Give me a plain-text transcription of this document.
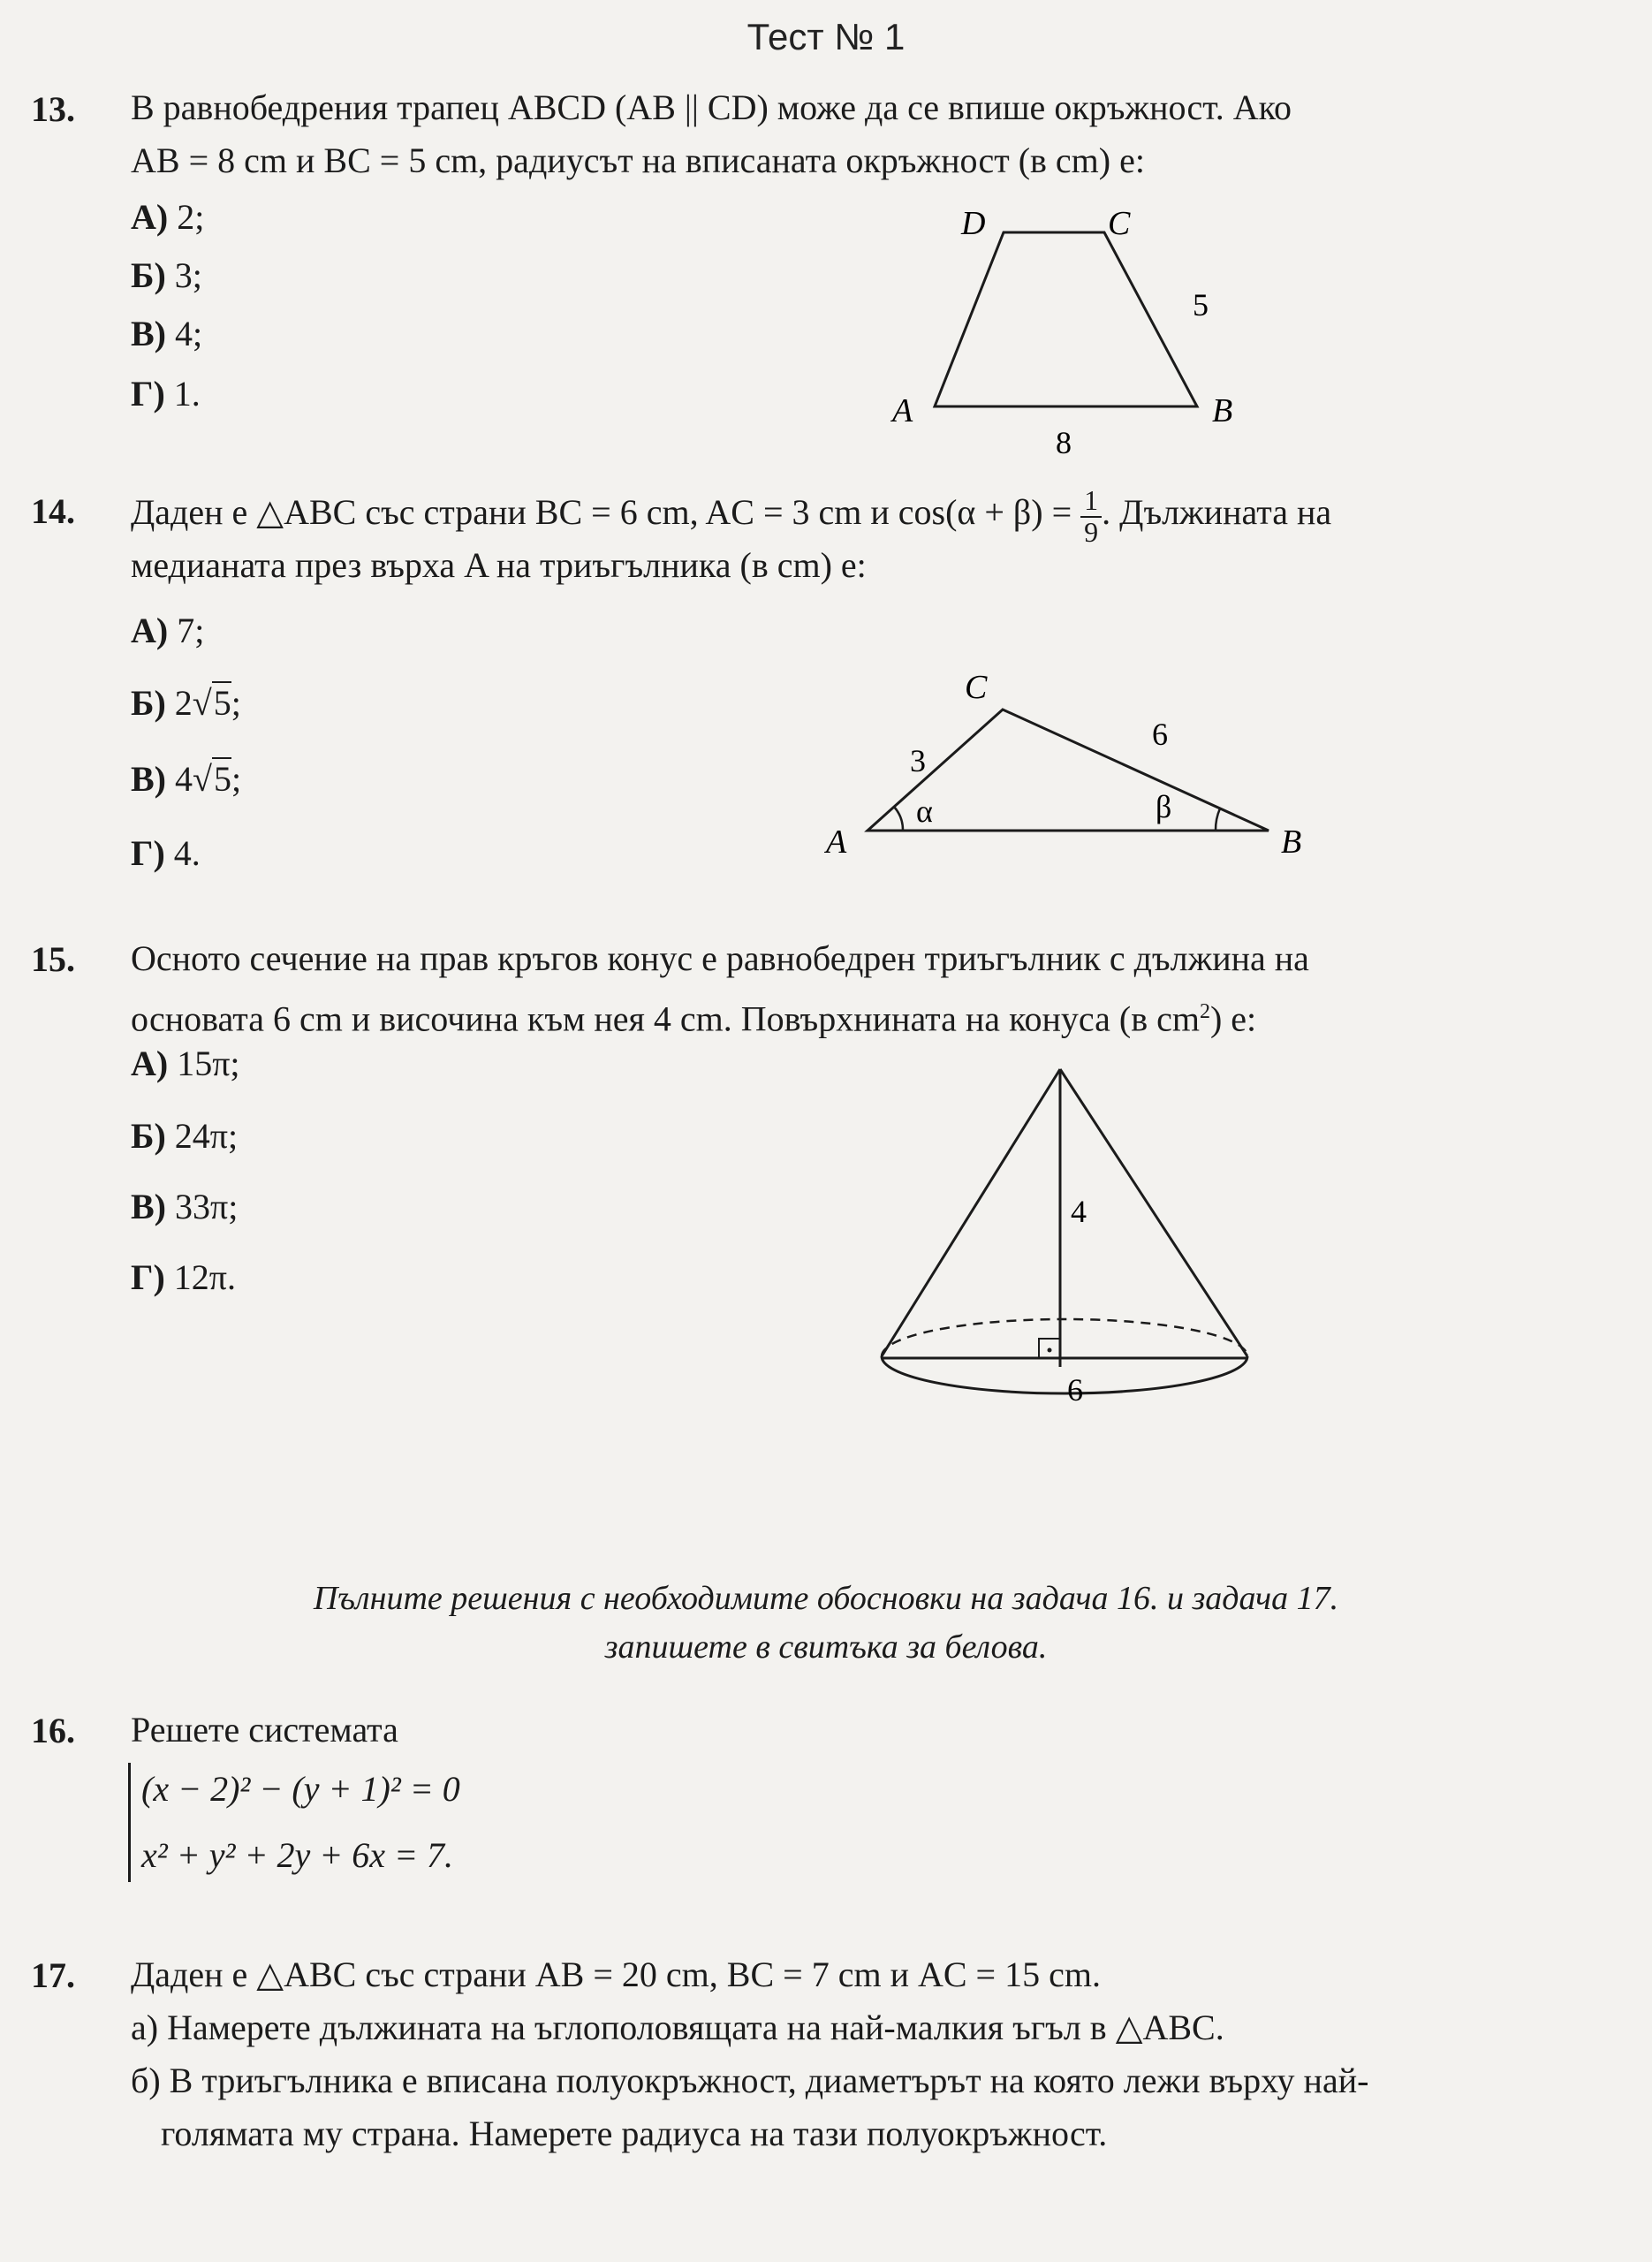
Тест № 1
13. В равнобедрения трапец ABCD (AB || CD) може да се впише окръжност. Ако
AB = 8 cm и BC = 5 cm, радиусът на вписаната окръжност (в cm) е:
А) 2;
Б) 3;
В) 4;
Г) 1.
D	C
A	B
5
8
14. Даден е △ABC със страни BC = 6 cm, AC = 3 cm и $\cos(\alpha + \beta) = \frac{1}{9}$ . Дължината на
медианата през върха A на триъгълника (в cm) е:
А) 7;
Б) 2√5;
В) 4√5;
Г) 4.
C
A	B
3
6
α	β
15. Осното сечение на прав кръгов конус е равнобедрен триъгълник с дължина на
основата 6 cm и височина към нея 4 cm. Повърхнината на конуса (в $cm^2$) е:
А) 15π;
Б) 24π;
В) 33π;
Г) 12π.
4
6
Пълните решения с необходимите обосновки на задача 16. и задача 17.
запишете в свитъка за белова.
16. Решете системата
(x − 2)² − (y + 1)² = 0
x² + y² + 2y + 6x = 7.
17. Даден е △ABC със страни AB = 20 cm, BC = 7 cm и AC = 15 cm.
а) Намерете дължината на ъглополовящата на най-малкия ъгъл в △ABC.
б) В триъгълника е вписана полуокръжност, диаметърът на която лежи върху най-
голямата му страна. Намерете радиуса на тази полуокръжност.
